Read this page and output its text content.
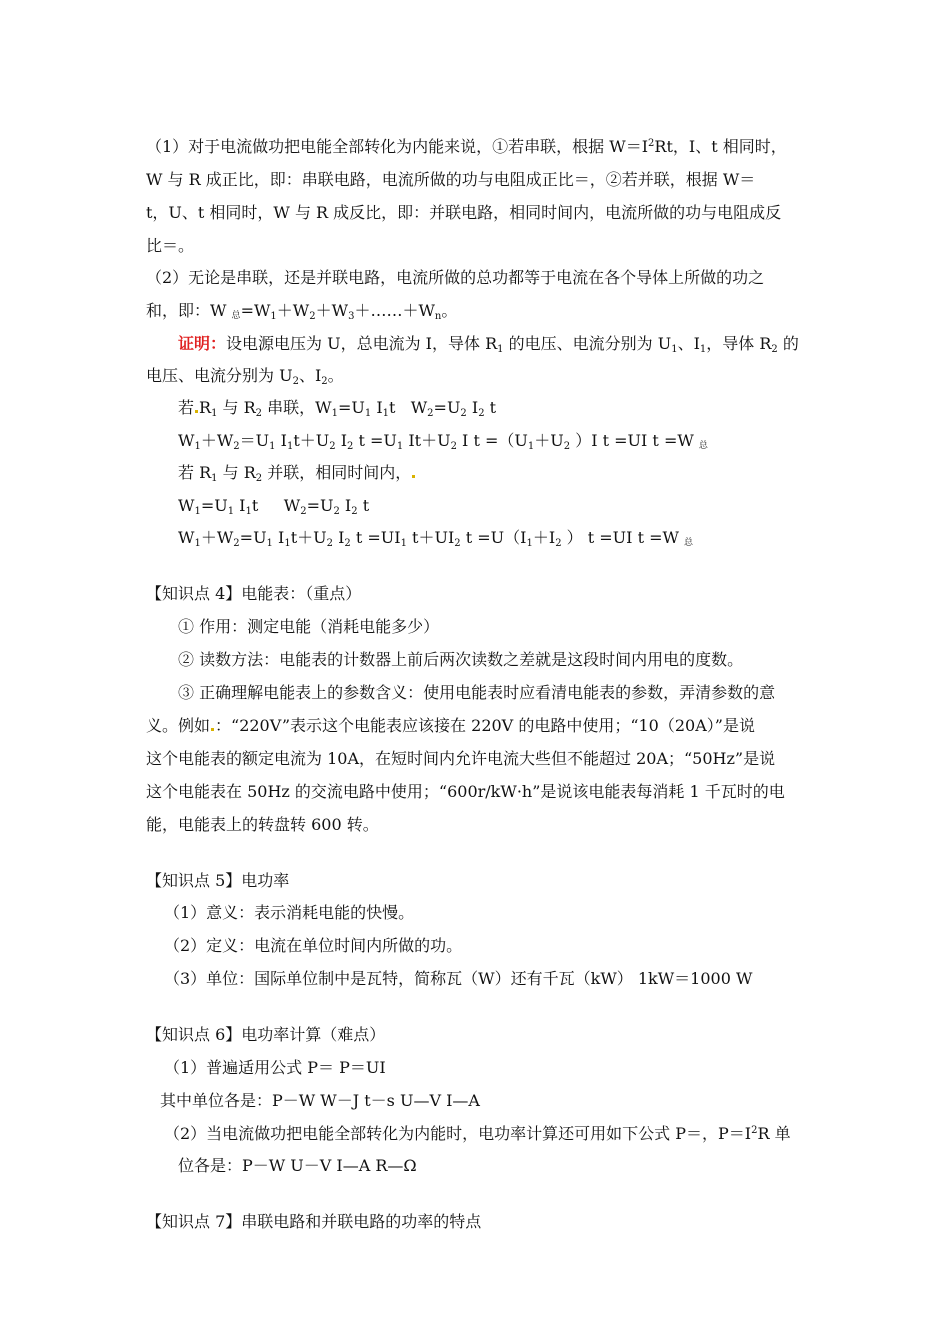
（1）对于电流做功把电能全部转化为内能来说，①若串联，根据 $W=I^2Rt$，I、t 相同时，
W 与 R 成正比，即：串联电路，电流所做的功与电阻成正比＝，②若并联，根据 W＝
t，U、t 相同时，W 与 R 成反比，即：并联电路，相同时间内，电流所做的功与电阻成反
比＝。
（2）无论是串联，还是并联电路，电流所做的总功都等于电流在各个导体上所做的功之
和，即：W 总$=W_1+W_2+W_3+\dots\dots+W_n$。
证明：设电源电压为 U，总电流为 I，导体 $R_1$ 的电压、电流分别为 $U_1$、$I_1$，导体 $R_2$ 的
电压、电流分别为 $U_2$、$I_2$。
若 $R_1$ 与 $R_2$ 串联，$W_1=U_1$ $I_1t$   $W_2=U_2$ $I_2$ t
$W_1+W_2=U_1$ $I_1t+U_2$ $I_2$ $t =U_1$ $It+U_2$ I $t =(U_1+U_2$ ）I t =UI t =W 总
若 $R_1$ 与 $R_2$ 并联，相同时间内，
$W_1=U_1$ $I_1t$     $W_2=U_2$ $I_2$ t
$W_1+W_2=U_1$ $I_1t+U_2$ $I_2$ $t =UI_1$ $t+UI_2$ $t =U(I_1+I_2$ ） t =UI t =W 总
【知识点 4】电能表：（重点）
① 作用：测定电能（消耗电能多少）
② 读数方法：电能表的计数器上前后两次读数之差就是这段时间内用电的度数。
③ 正确理解电能表上的参数含义：使用电能表时应看清电能表的参数，弄清参数的意
义。例如 ：“220V”表示这个电能表应该接在 220V 的电路中使用；“10（20A）”是说
这个电能表的额定电流为 10A，在短时间内允许电流大些但不能超过 20A；“50Hz”是说
这个电能表在 50Hz 的交流电路中使用；“600r/kW·h”是说该电能表每消耗 1 千瓦时的电
能，电能表上的转盘转 600 转。
【知识点 5】电功率
（1）意义：表示消耗电能的快慢。
（2）定义：电流在单位时间内所做的功。
（3）单位：国际单位制中是瓦特，简称瓦（W）还有千瓦（kW） 1kW＝1000 W
【知识点 6】电功率计算（难点）
（1）普遍适用公式 P＝ P＝UI
其中单位各是：P－W W－J t－s U—V I—A
（2）当电流做功把电能全部转化为内能时，电功率计算还可用如下公式 P＝，$P=I^2R$ 单
位各是：P－W U－V I—A R—Ω
【知识点 7】串联电路和并联电路的功率的特点
